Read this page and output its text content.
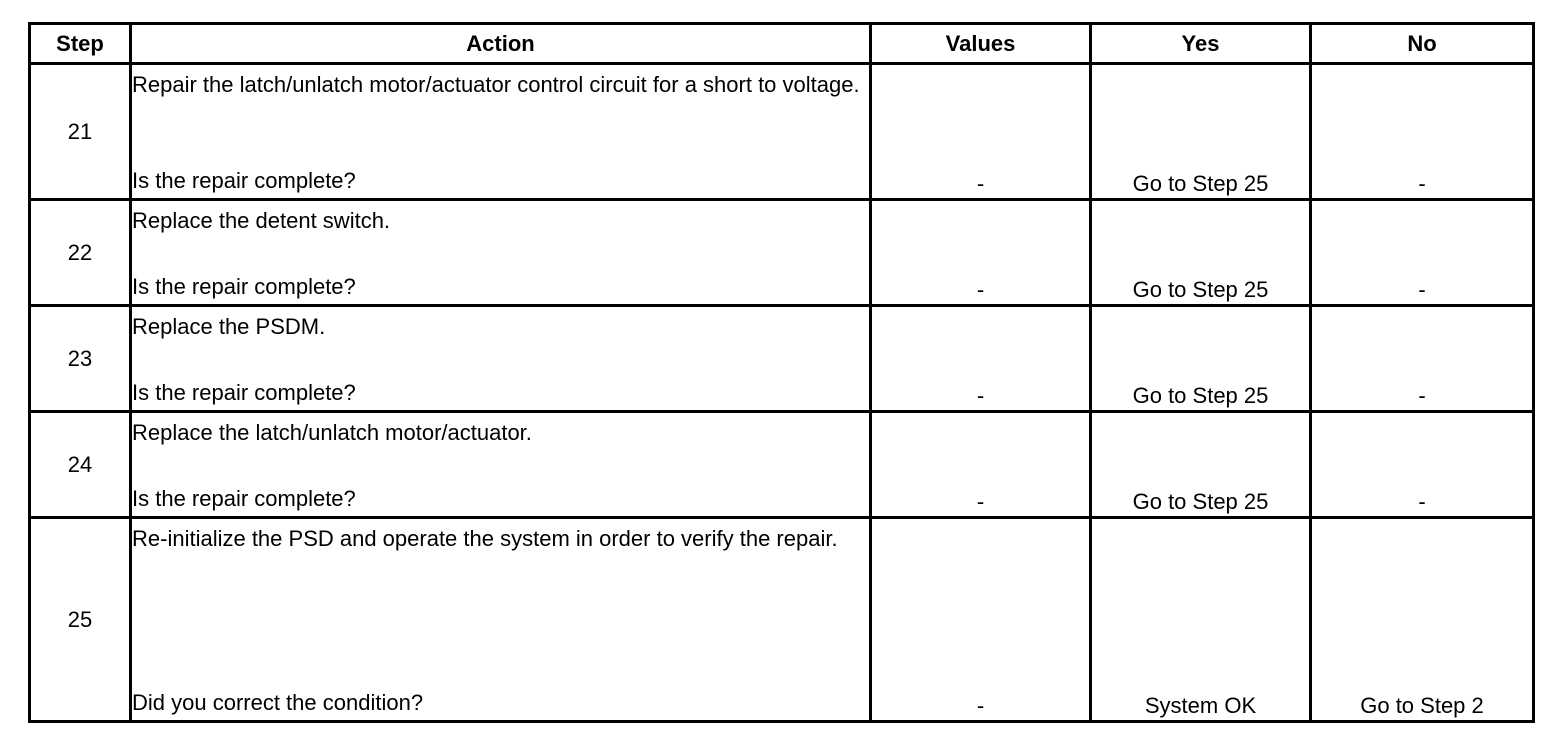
Step	Action	Values	Yes	No
21	Repair the latch/unlatch motor/actuator control circuit for a short to voltage.
Is the repair complete?	-	Go to Step 25	-
22	Replace the detent switch.
Is the repair complete?	-	Go to Step 25	-
23	Replace the PSDM.
Is the repair complete?	-	Go to Step 25	-
24	Replace the latch/unlatch motor/actuator.
Is the repair complete?	-	Go to Step 25	-
25	Re-initialize the PSD and operate the system in order to verify the repair.
Did you correct the condition?	-	System OK	Go to Step 2
